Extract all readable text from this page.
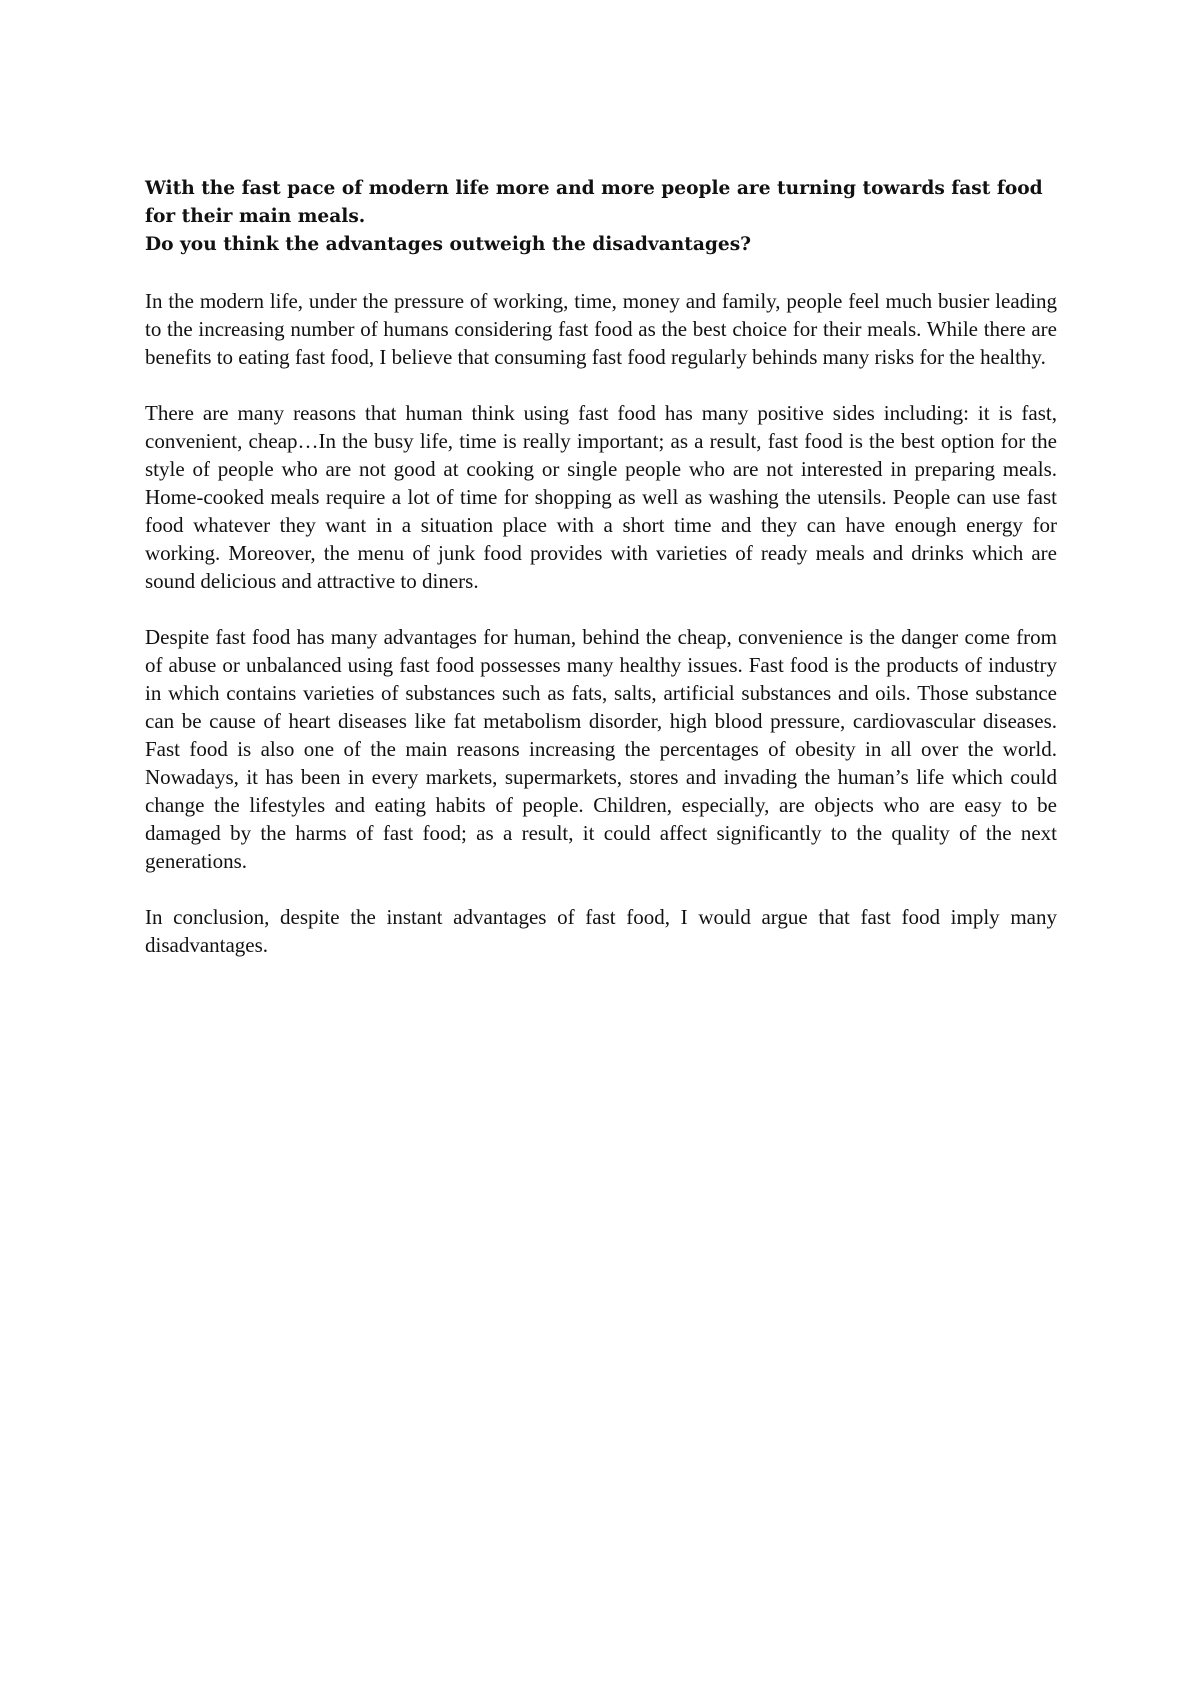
With the fast pace of modern life more and more people are turning towards fast food for their main meals.
Do you think the advantages outweigh the disadvantages?

In the modern life, under the pressure of working, time, money and family, people feel much busier leading to the increasing number of humans considering fast food as the best choice for their meals. While there are benefits to eating fast food, I believe that consuming fast food regularly behinds many risks for the healthy.

There are many reasons that human think using fast food has many positive sides including: it is fast, convenient, cheap…In the busy life, time is really important; as a result, fast food is the best option for the style of people who are not good at cooking or single people who are not interested in preparing meals. Home-cooked meals require a lot of time for shopping as well as washing the utensils. People can use fast food whatever they want in a situation place with a short time and they can have enough energy for working. Moreover, the menu of junk food provides with varieties of ready meals and drinks which are sound delicious and attractive to diners.

Despite fast food has many advantages for human, behind the cheap, convenience is the danger come from of abuse or unbalanced using fast food possesses many healthy issues. Fast food is the products of industry in which contains varieties of substances such as fats, salts, artificial substances and oils. Those substance can be cause of heart diseases like fat metabolism disorder, high blood pressure, cardiovascular diseases. Fast food is also one of the main reasons increasing the percentages of obesity in all over the world. Nowadays, it has been in every markets, supermarkets, stores and invading the human’s life which could change the lifestyles and eating habits of people. Children, especially, are objects who are easy to be damaged by the harms of fast food; as a result, it could affect significantly to the quality of the next generations.

In conclusion, despite the instant advantages of fast food, I would argue that fast food imply many disadvantages.
